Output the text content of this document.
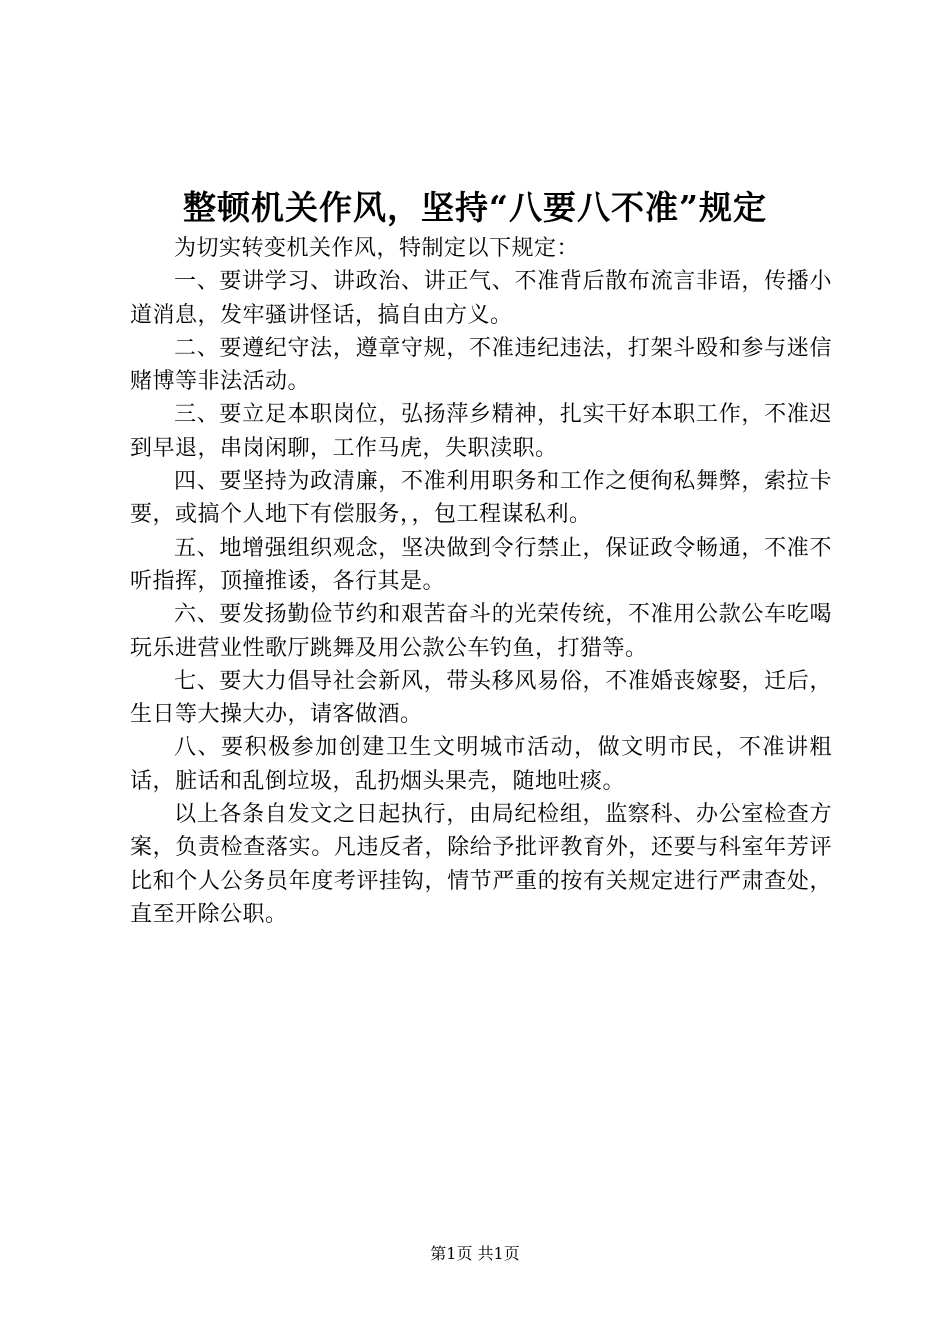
整顿机关作风，坚持“八要八不准”规定

为切实转变机关作风，特制定以下规定：

一、要讲学习、讲政治、讲正气、不准背后散布流言非语，传播小道消息，发牢骚讲怪话，搞自由方义。

二、要遵纪守法，遵章守规，不准违纪违法，打架斗殴和参与迷信赌博等非法活动。

三、要立足本职岗位，弘扬萍乡精神，扎实干好本职工作，不准迟到早退，串岗闲聊，工作马虎，失职渎职。

四、要坚持为政清廉，不准利用职务和工作之便徇私舞弊，索拉卡要，或搞个人地下有偿服务，，包工程谋私利。

五、地增强组织观念，坚决做到令行禁止，保证政令畅通，不准不听指挥，顶撞推诿，各行其是。

六、要发扬勤俭节约和艰苦奋斗的光荣传统，不准用公款公车吃喝玩乐进营业性歌厅跳舞及用公款公车钓鱼，打猎等。

七、要大力倡导社会新风，带头移风易俗，不准婚丧嫁娶，迁后，生日等大操大办，请客做酒。

八、要积极参加创建卫生文明城市活动，做文明市民，不准讲粗话，脏话和乱倒垃圾，乱扔烟头果壳，随地吐痰。

以上各条自发文之日起执行，由局纪检组，监察科、办公室检查方案，负责检查落实。凡违反者，除给予批评教育外，还要与科室年芳评比和个人公务员年度考评挂钩，情节严重的按有关规定进行严肃查处，直至开除公职。

第1页 共1页
